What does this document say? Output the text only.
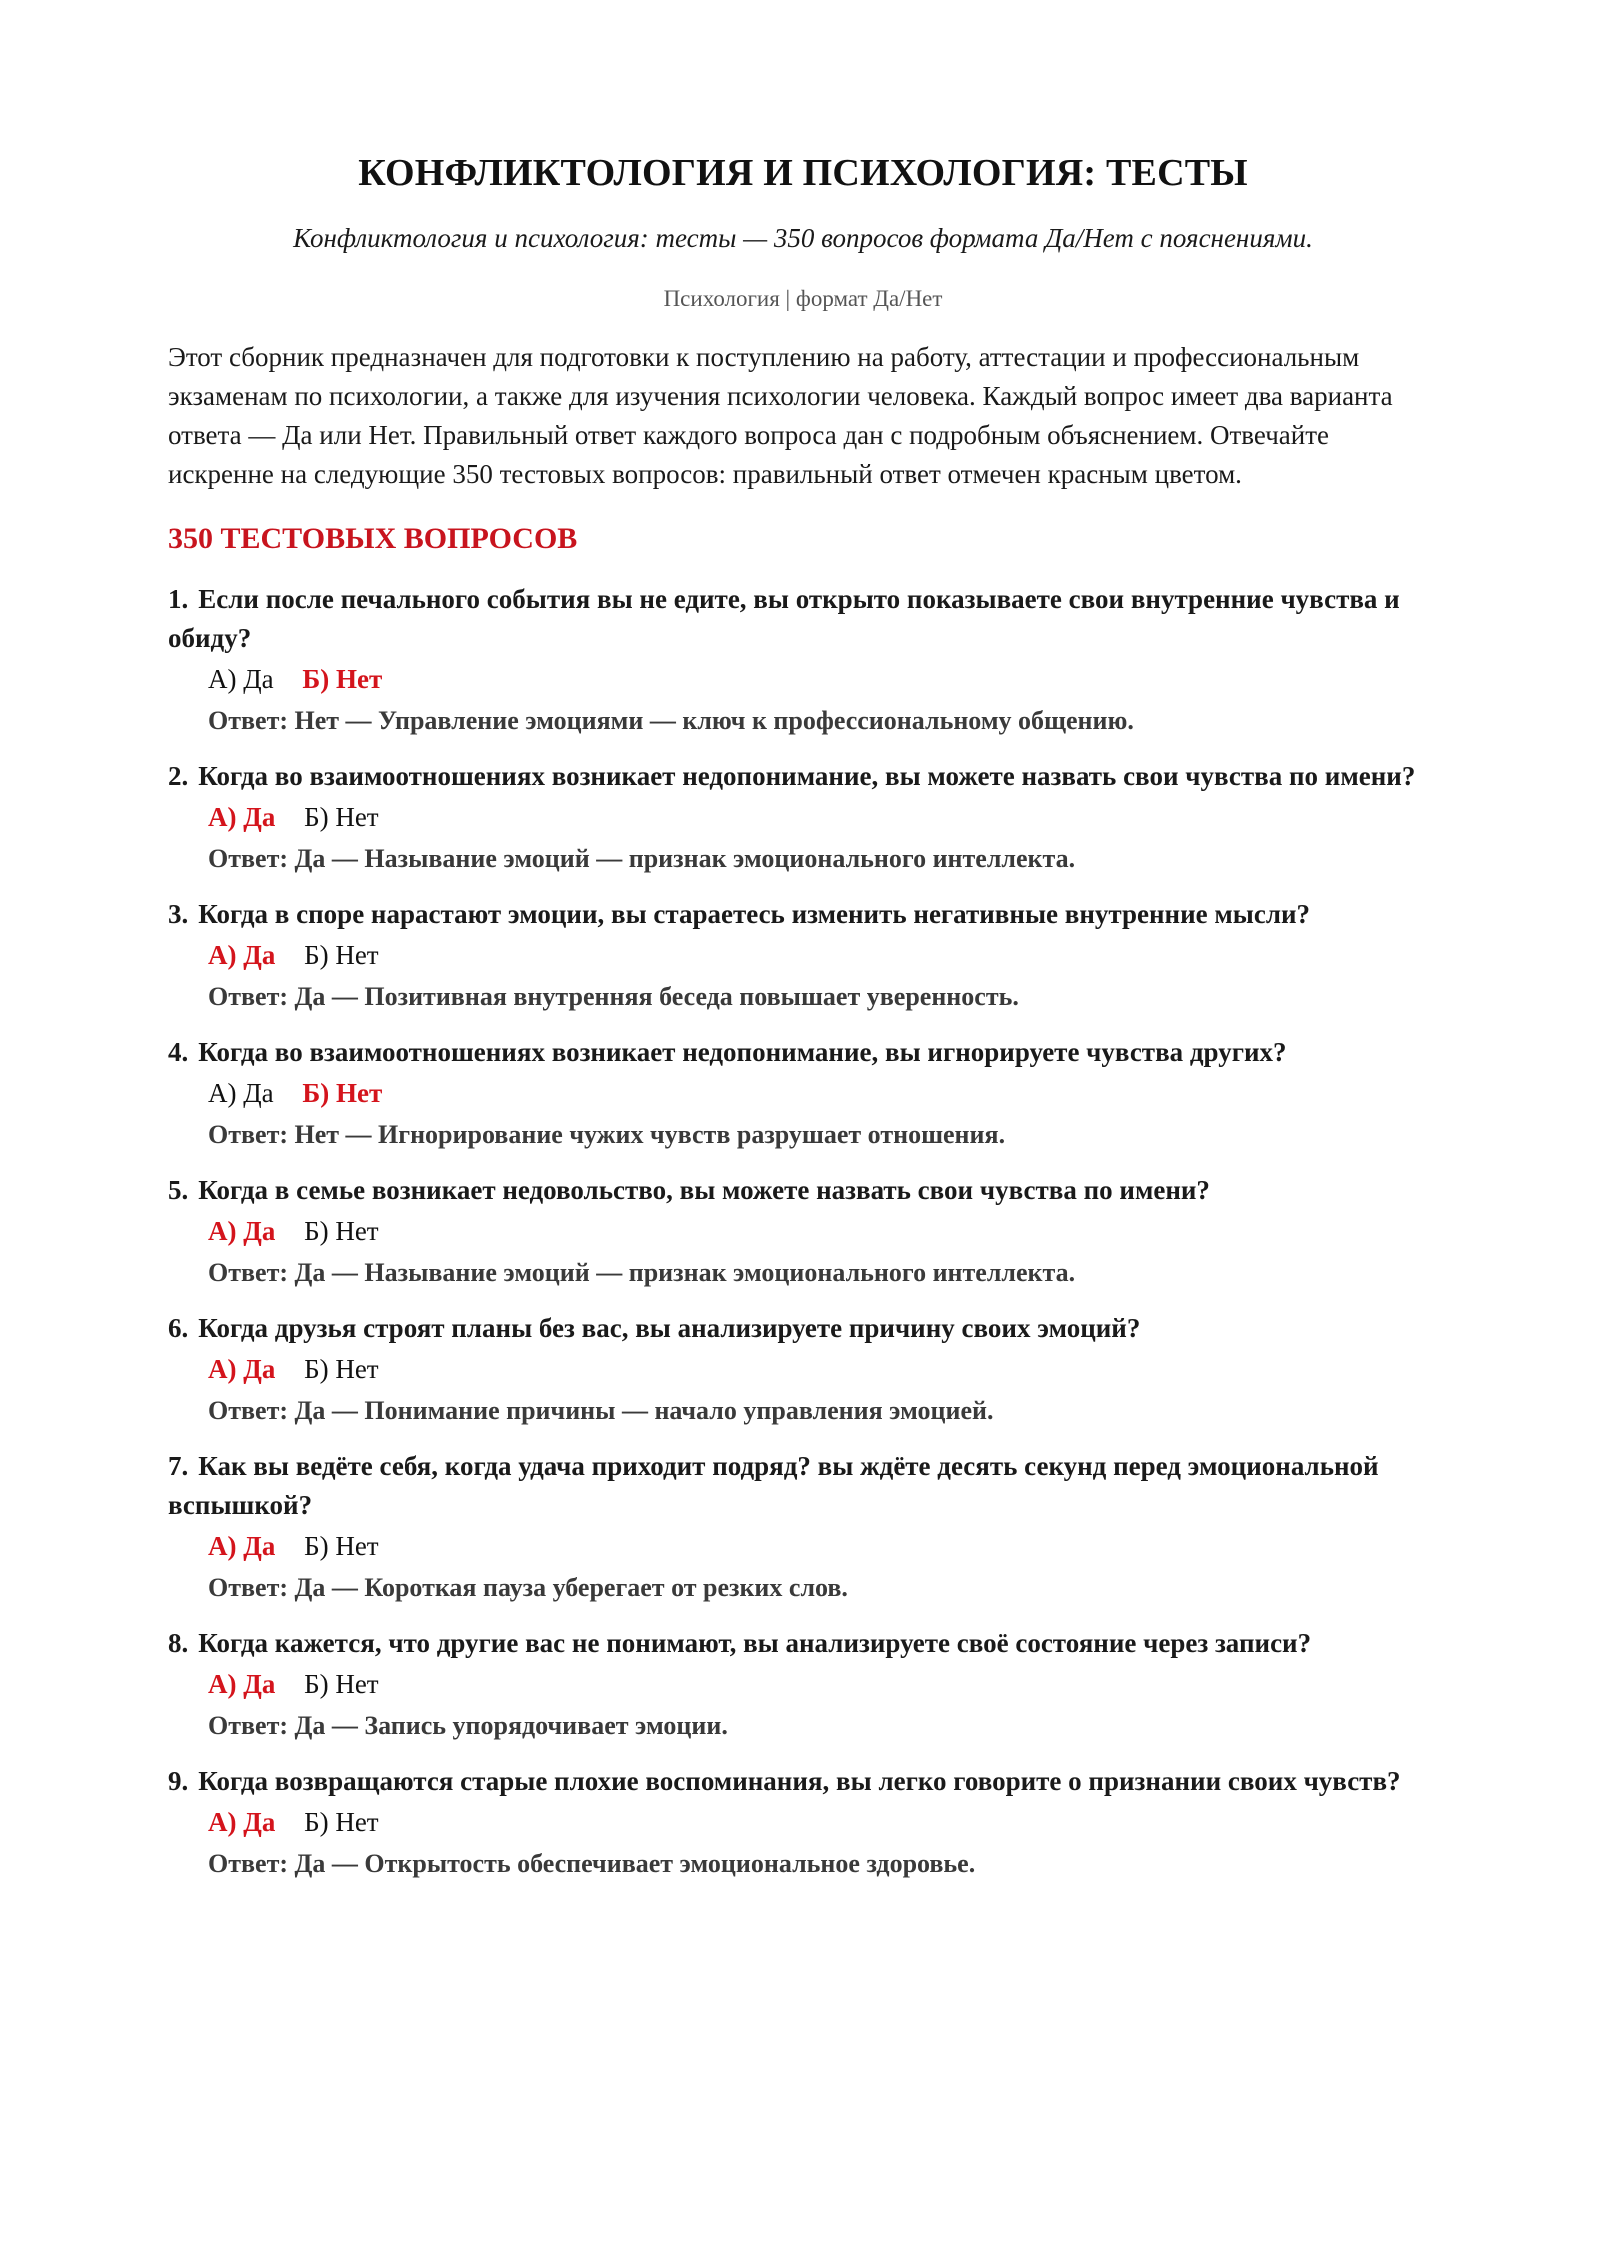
КОНФЛИКТОЛОГИЯ И ПСИХОЛОГИЯ: ТЕСТЫ
Конфликтология и психология: тесты — 350 вопросов формата Да/Нет с пояснениями.
Психология | формат Да/Нет

Этот сборник предназначен для подготовки к поступлению на работу, аттестации и профессиональным экзаменам по психологии, а также для изучения психологии человека. Каждый вопрос имеет два варианта ответа — Да или Нет. Правильный ответ каждого вопроса дан с подробным объяснением. Отвечайте искренне на следующие 350 тестовых вопросов: правильный ответ отмечен красным цветом.

350 ТЕСТОВЫХ ВОПРОСОВ

1. Если после печального события вы не едите, вы открыто показываете свои внутренние чувства и обиду?

А) Да Б) Нет
Ответ: Нет — Управление эмоциями — ключ к профессиональному общению.

2. Когда во взаимоотношениях возникает недопонимание, вы можете назвать свои чувства по имени?

А) Да Б) Нет
Ответ: Да — Называние эмоций — признак эмоционального интеллекта.

3. Когда в споре нарастают эмоции, вы стараетесь изменить негативные внутренние мысли?

А) Да Б) Нет
Ответ: Да — Позитивная внутренняя беседа повышает уверенность.

4. Когда во взаимоотношениях возникает недопонимание, вы игнорируете чувства других?

А) Да Б) Нет
Ответ: Нет — Игнорирование чужих чувств разрушает отношения.

5. Когда в семье возникает недовольство, вы можете назвать свои чувства по имени?

А) Да Б) Нет
Ответ: Да — Называние эмоций — признак эмоционального интеллекта.

6. Когда друзья строят планы без вас, вы анализируете причину своих эмоций?

А) Да Б) Нет
Ответ: Да — Понимание причины — начало управления эмоцией.

7. Как вы ведёте себя, когда удача приходит подряд? вы ждёте десять секунд перед эмоциональной вспышкой?

А) Да Б) Нет
Ответ: Да — Короткая пауза уберегает от резких слов.

8. Когда кажется, что другие вас не понимают, вы анализируете своё состояние через записи?

А) Да Б) Нет
Ответ: Да — Запись упорядочивает эмоции.

9. Когда возвращаются старые плохие воспоминания, вы легко говорите о признании своих чувств?

А) Да Б) Нет
Ответ: Да — Открытость обеспечивает эмоциональное здоровье.
